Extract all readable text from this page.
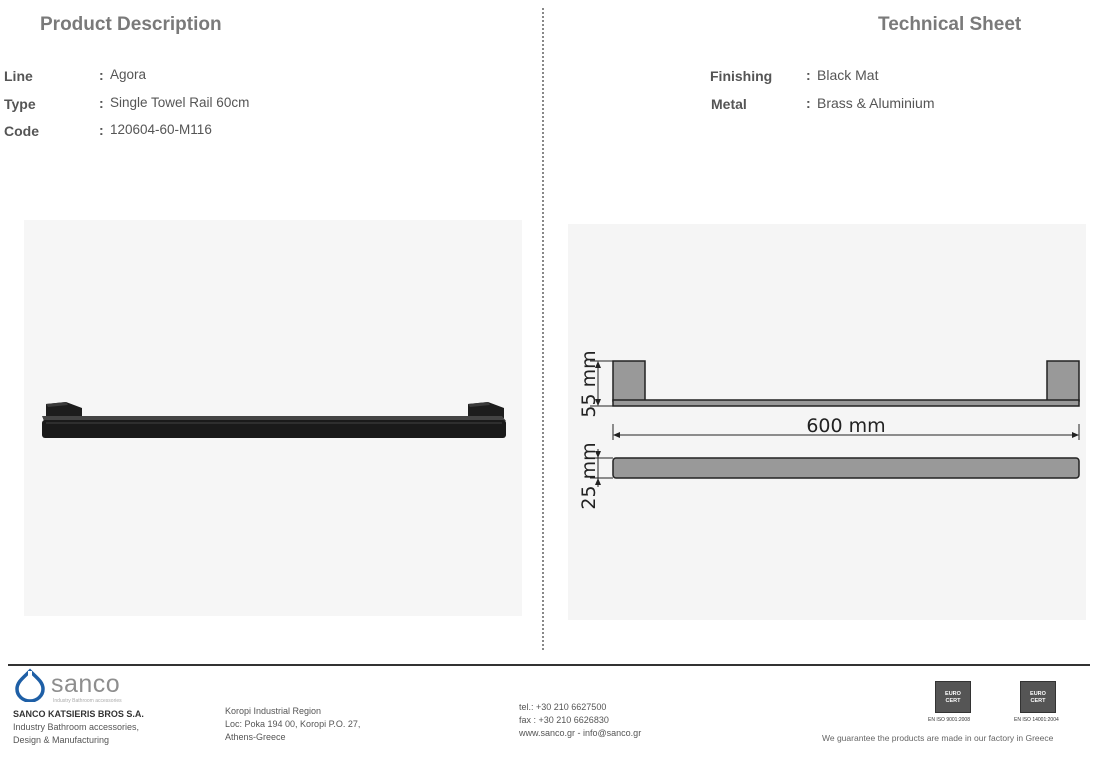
Product Description	Technical Sheet
Line	: Agora
Type	: Single Towel Rail 60cm
Code	: 120604-60-M116
Finishing : Black Mat
Metal	: Brass & Aluminium
55 mm
600 mm
25 mm
sanco
Industry Bathroom accessories
SANCO KATSIERIS BROS S.A.
Industry Bathroom accessories,
Design & Manufacturing
Koropi Industrial Region
Loc: Poka 194 00, Koropi P.O. 27,
Athens-Greece
tel.: +30 210 6627500
fax : +30 210 6626830
www.sanco.gr - info@sanco.gr
EURO
CERT
EN ISO 9001:2008
EURO
CERT
EN ISO 14001:2004
We guarantee the products are made in our factory in Greece
